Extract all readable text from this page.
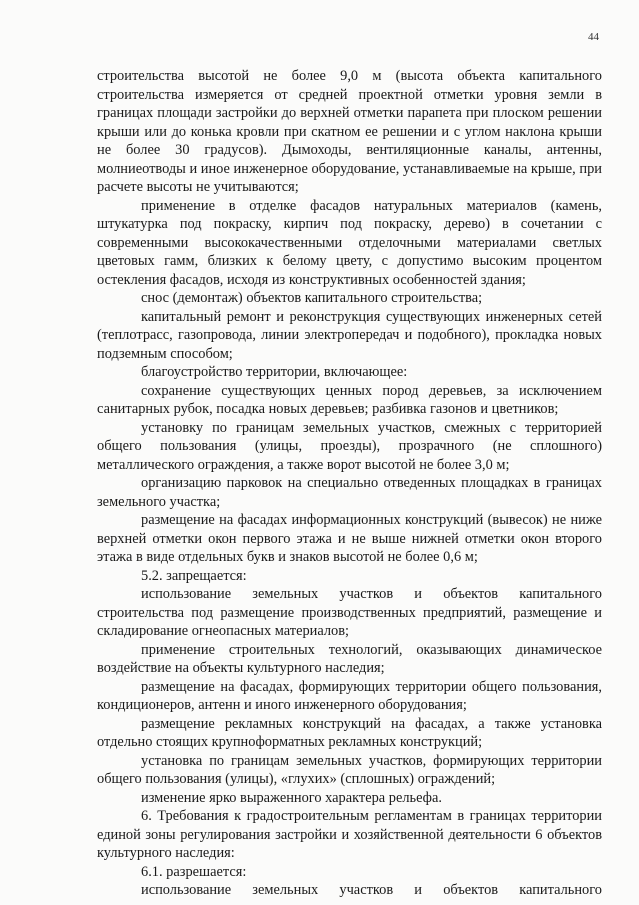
44

строительства высотой не более 9,0 м (высота объекта капитального строительства измеряется от средней проектной отметки уровня земли в границах площади застройки до верхней отметки парапета при плоском решении крыши или до конька кровли при скатном ее решении и с углом наклона крыши не более 30 градусов). Дымоходы, вентиляционные каналы, антенны, молниеотводы и иное инженерное оборудование, устанавливаемые на крыше, при расчете высоты не учитываются;

применение в отделке фасадов натуральных материалов (камень, штукатурка под покраску, кирпич под покраску, дерево) в сочетании с современными высококачественными отделочными материалами светлых цветовых гамм, близких к белому цвету, с допустимо высоким процентом остекления фасадов, исходя из конструктивных особенностей здания;

снос (демонтаж) объектов капитального строительства;

капитальный ремонт и реконструкция существующих инженерных сетей (теплотрасс, газопровода, линии электропередач и подобного), прокладка новых подземным способом;

благоустройство территории, включающее:

сохранение существующих ценных пород деревьев, за исключением санитарных рубок, посадка новых деревьев; разбивка газонов и цветников;

установку по границам земельных участков, смежных с территорией общего пользования (улицы, проезды), прозрачного (не сплошного) металлического ограждения, а также ворот высотой не более 3,0 м;

организацию парковок на специально отведенных площадках в границах земельного участка;

размещение на фасадах информационных конструкций (вывесок) не ниже верхней отметки окон первого этажа и не выше нижней отметки окон второго этажа в виде отдельных букв и знаков высотой не более 0,6 м;

5.2. запрещается:

использование земельных участков и объектов капитального строительства под размещение производственных предприятий, размещение и складирование огнеопасных материалов;

применение строительных технологий, оказывающих динамическое воздействие на объекты культурного наследия;

размещение на фасадах, формирующих территории общего пользования, кондиционеров, антенн и иного инженерного оборудования;

размещение рекламных конструкций на фасадах, а также установка отдельно стоящих крупноформатных рекламных конструкций;

установка по границам земельных участков, формирующих территории общего пользования (улицы), «глухих» (сплошных) ограждений;

изменение ярко выраженного характера рельефа.

6. Требования к градостроительным регламентам в границах территории единой зоны регулирования застройки и хозяйственной деятельности 6 объектов культурного наследия:

6.1. разрешается:

использование земельных участков и объектов капитального
